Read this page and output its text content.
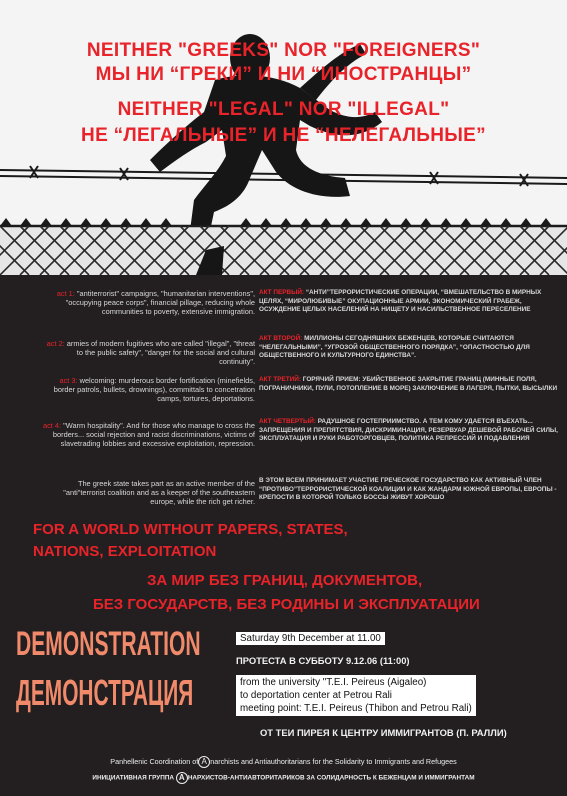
NEITHER "GREEKS" NOR "FOREIGNERS"
МЫ НИ “ГРЕКИ” И НИ “ИНОСТРАНЦЫ”
NEITHER "LEGAL" NOR "ILLEGAL"
НЕ “ЛЕГАЛЬНЫЕ” И НЕ “НЕЛЕГАЛЬНЫЕ”
act 1: "antiterrorist" campaigns, "humanitarian interventions", "occupying peace corps", financial pillage, reducing whole communities to poverty, extensive immigration.
act 2: armies of modern fugitives who are called "illegal", "threat to the public safety", "danger for the social and cultural continuity".
act 3: welcoming: murderous border fortification (minefields, border patrols, bullets, drownings), committals to concetration camps, tortures, deportations.
act 4: "Warm hospitality". And for those who manage to cross the borders... social rejection and racist discriminations, victims of slavetrading lobbies and excessive exploitation, repression.
The greek state takes part as an active member of the "anti"terrorist coalition and as a keeper of the southeastern europe, while the rich get richer.
АКТ ПЕРВЫЙ: “АНТИ”ТЕРРОРИСТИЧЕСКИЕ ОПЕРАЦИИ, “ВМЕШАТЕЛЬСТВО В МИРНЫХ ЦЕЛЯХ, “МИРОЛЮБИВЫЕ” ОКУПАЦИОННЫЕ АРМИИ, ЭКОНОМИЧЕСКИЙ ГРАБЕЖ, ОСУЖДЕНИЕ ЦЕЛЫХ НАСЕЛЕНИЙ НА НИЩЕТУ И НАСИЛЬСТВЕННОЕ ПЕРЕСЕЛЕНИЕ
АКТ ВТОРОЙ: МИЛЛИОНЫ СЕГОДНЯШНИХ БЕЖЕНЦЕВ, КОТОРЫЕ СЧИТАЮТСЯ “НЕЛЕГАЛЬНЫМИ”, “УГРОЗОЙ ОБЩЕСТВЕННОГО ПОРЯДКА”, “ОПАСТНОСТЬЮ ДЛЯ ОБЩЕСТВЕННОГО И КУЛЬТУРНОГО ЕДИНСТВА”.
АКТ ТРЕТИЙ: ГОРЯЧИЙ ПРИЕМ: УБИЙСТВЕННОЕ ЗАКРЫТИЕ ГРАНИЦ (МИННЫЕ ПОЛЯ, ПОГРАНИЧНИКИ, ПУЛИ, ПОТОПЛЕНИЕ В МОРЕ) ЗАКЛЮЧЕНИЕ В ЛАГЕРЯ, ПЫТКИ, ВЫСЫЛКИ
АКТ ЧЕТВЕРТЫЙ: РАДУШНОЕ ГОСТЕПРИИМСТВО. А ТЕМ КОМУ УДАЕТСЯ ВЪЕХАТЬ... ЗАПРЕЩЕНИЯ И ПРЕПЯТСТВИЯ, ДИСКРИМИНАЦИЯ, РЕЗЕРВУАР ДЕШЕВОЙ РАБОЧЕЙ СИЛЫ, ЭКСПЛУАТАЦИЯ И РУКИ РАБОТОРГОВЦЕВ, ПОЛИТИКА РЕПРЕССИЙ И ПОДАВЛЕНИЯ
В ЭТОМ ВСЕМ ПРИНИМАЕТ УЧАСТИЕ ГРЕЧЕСКОЕ ГОСУДАРСТВО КАК АКТИВНЫЙ ЧЛЕН “ПРОТИВО”ТЕРРОРИСТИЧЕСКОЙ КОАЛИЦИИ И КАК ЖАНДАРМ ЮЖНОЙ ЕВРОПЫ, ЕВРОПЫ - КРЕПОСТИ В КОТОРОЙ ТОЛЬКО БОССЫ ЖИВУТ ХОРОШО
FOR A WORLD WITHOUT PAPERS, STATES,
NATIONS, EXPLOITATION
ЗА МИР БЕЗ ГРАНИЦ, ДОКУМЕНТОВ,
БЕЗ ГОСУДАРСТВ, БЕЗ РОДИНЫ И ЭКСПЛУАТАЦИИ
DEMONSTRATION
ДЕМОНСТРАЦИЯ
Saturday 9th December at 11.00
ПРОТЕСТА В СУББОТУ 9.12.06 (11:00)
from the university "T.E.I. Peireus (Aigaleo)
to deportation center at Petrou Rali
meeting point: T.E.I. Peireus (Thibon and Petrou Rali)
ОТ ТЕИ ПИРЕЯ К ЦЕНТРУ ИММИГРАНТОВ (П. РАЛЛИ)
Panhellenic Coordination of A narchists and Antiauthoritarians for the Solidarity to Immigrants and Refugees
ИНИЦИАТИВНАЯ ГРУППА А НАРХИСТОВ-АНТИАВТОРИТАРИКОВ ЗА СОЛИДАРНОСТЬ К БЕЖЕНЦАМ И ИММИГРАНТАМ
